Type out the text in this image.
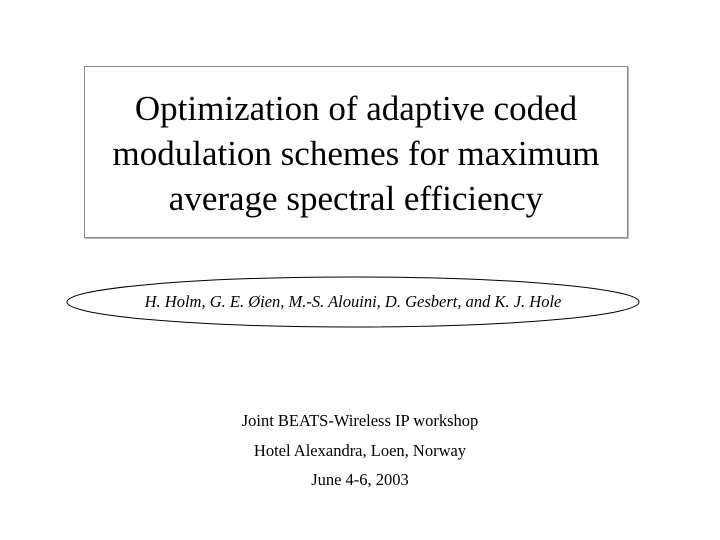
Optimization of adaptive coded
modulation schemes for maximum
average spectral efficiency
H. Holm, G. E. Øien, M.-S. Alouini, D. Gesbert, and K. J. Hole
Joint BEATS-Wireless IP workshop
Hotel Alexandra, Loen, Norway
June 4-6, 2003
